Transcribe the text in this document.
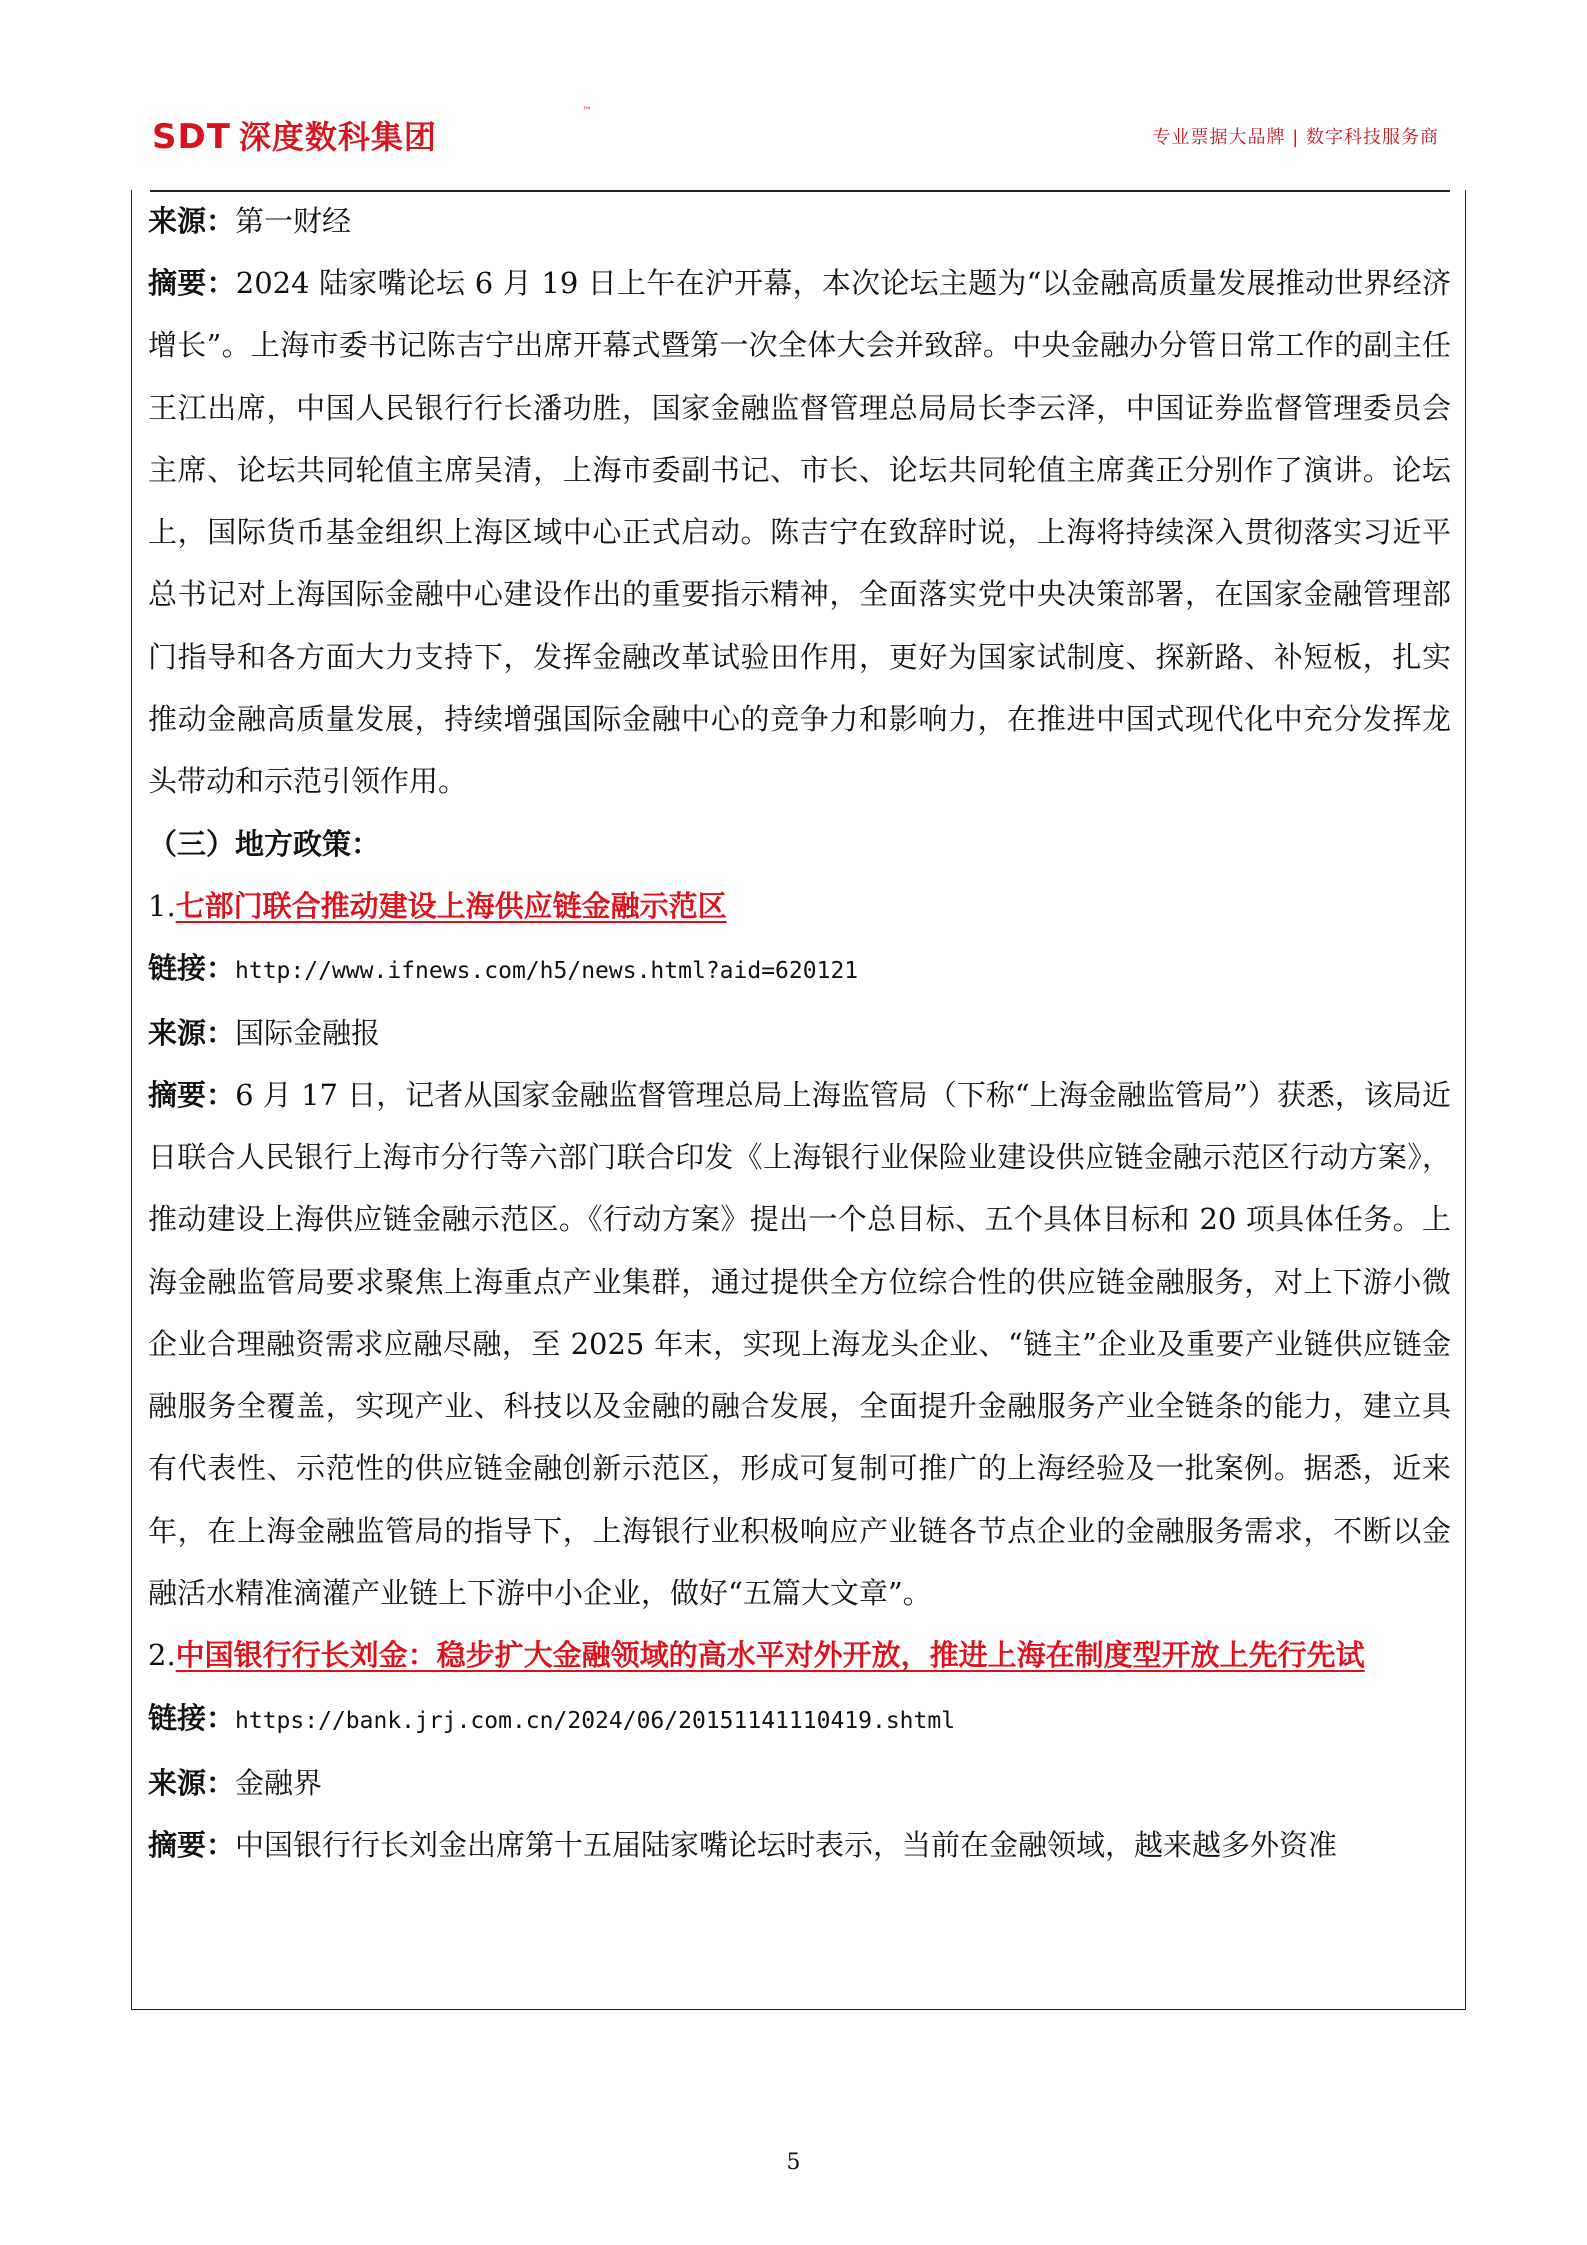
SDT 深度数科集团
™
专业票据大品牌 | 数字科技服务商

来源：第一财经

摘要：2024 陆家嘴论坛 6 月 19 日上午在沪开幕，本次论坛主题为“以金融高质量发展推动世界经济增长”。上海市委书记陈吉宁出席开幕式暨第一次全体大会并致辞。中央金融办分管日常工作的副主任王江出席，中国人民银行行长潘功胜，国家金融监督管理总局局长李云泽，中国证券监督管理委员会主席、论坛共同轮值主席吴清，上海市委副书记、市长、论坛共同轮值主席龚正分别作了演讲。论坛上，国际货币基金组织上海区域中心正式启动。陈吉宁在致辞时说，上海将持续深入贯彻落实习近平总书记对上海国际金融中心建设作出的重要指示精神，全面落实党中央决策部署，在国家金融管理部门指导和各方面大力支持下，发挥金融改革试验田作用，更好为国家试制度、探新路、补短板，扎实推动金融高质量发展，持续增强国际金融中心的竞争力和影响力，在推进中国式现代化中充分发挥龙头带动和示范引领作用。

（三）地方政策：

1.七部门联合推动建设上海供应链金融示范区

链接：http://www.ifnews.com/h5/news.html?aid=620121

来源：国际金融报

摘要：6 月 17 日，记者从国家金融监督管理总局上海监管局（下称“上海金融监管局”）获悉，该局近日联合人民银行上海市分行等六部门联合印发《上海银行业保险业建设供应链金融示范区行动方案》，推动建设上海供应链金融示范区。《行动方案》提出一个总目标、五个具体目标和 20 项具体任务。上海金融监管局要求聚焦上海重点产业集群，通过提供全方位综合性的供应链金融服务，对上下游小微企业合理融资需求应融尽融，至 2025 年末，实现上海龙头企业、“链主”企业及重要产业链供应链金融服务全覆盖，实现产业、科技以及金融的融合发展，全面提升金融服务产业全链条的能力，建立具有代表性、示范性的供应链金融创新示范区，形成可复制可推广的上海经验及一批案例。据悉，近来年，在上海金融监管局的指导下，上海银行业积极响应产业链各节点企业的金融服务需求，不断以金融活水精准滴灌产业链上下游中小企业，做好“五篇大文章”。

2.中国银行行长刘金：稳步扩大金融领域的高水平对外开放，推进上海在制度型开放上先行先试

链接：https://bank.jrj.com.cn/2024/06/20151141110419.shtml

来源：金融界

摘要：中国银行行长刘金出席第十五届陆家嘴论坛时表示，当前在金融领域，越来越多外资准

5
